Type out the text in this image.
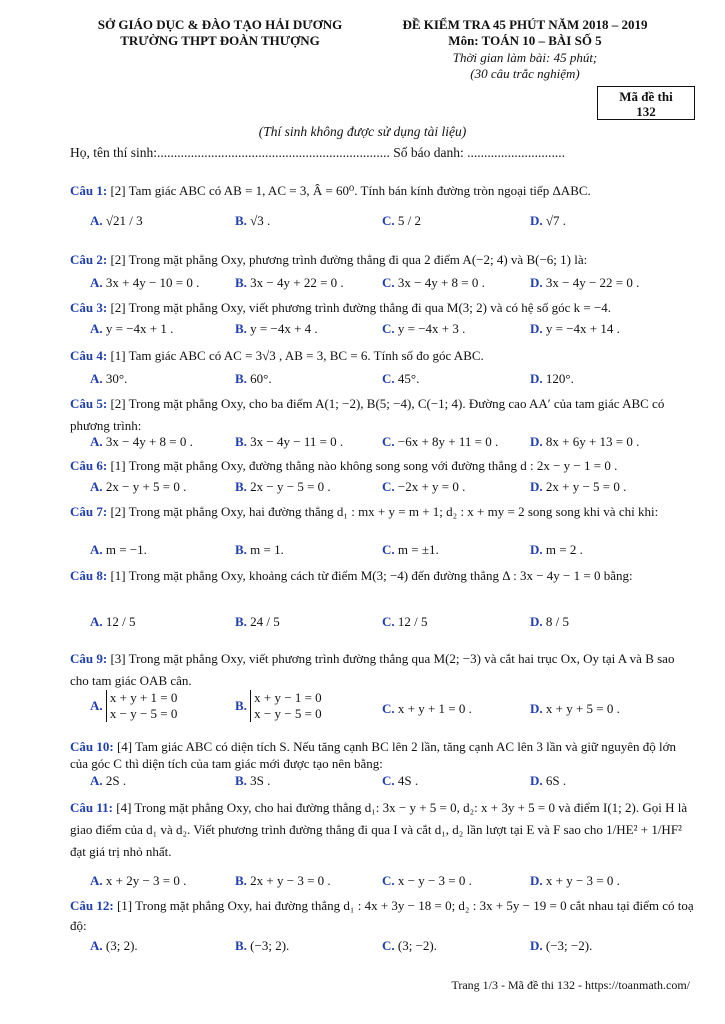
SỞ GIÁO DỤC & ĐÀO TẠO HẢI DƯƠNG
TRƯỜNG THPT ĐOÀN THƯỢNG
ĐỀ KIỂM TRA 45 PHÚT NĂM 2018 – 2019
Môn: TOÁN 10 – BÀI SỐ 5
Thời gian làm bài: 45 phút;
(30 câu trắc nghiệm)
Mã đề thi
132
(Thí sinh không được sử dụng tài liệu)
Họ, tên thí sinh:..................................................................... Số báo danh: .............................
Câu 1: [2] Tam giác ABC có AB = 1, AC = 3, Â = 60⁰. Tính bán kính đường tròn ngoại tiếp ΔABC.
A. √21 / 3	B. √3 .	C. 5 / 2	D. √7 .
Câu 2: [2] Trong mặt phẳng Oxy, phương trình đường thẳng đi qua 2 điểm A(−2; 4) và B(−6; 1) là:
A. 3x + 4y − 10 = 0 .	B. 3x − 4y + 22 = 0 .	C. 3x − 4y + 8 = 0 .	D. 3x − 4y − 22 = 0 .
Câu 3: [2] Trong mặt phẳng Oxy, viết phương trình đường thẳng đi qua M(3; 2) và có hệ số góc k = −4.
A. y = −4x + 1 .	B. y = −4x + 4 .	C. y = −4x + 3 .	D. y = −4x + 14 .
Câu 4: [1] Tam giác ABC có AC = 3√3 , AB = 3, BC = 6. Tính số đo góc ABC.
A. 30°.	B. 60°.	C. 45°.	D. 120°.
Câu 5: [2] Trong mặt phẳng Oxy, cho ba điểm A(1; −2), B(5; −4), C(−1; 4). Đường cao AA′ của tam giác ABC có phương trình:
A. 3x − 4y + 8 = 0 .	B. 3x − 4y − 11 = 0 .	C. −6x + 8y + 11 = 0 . D. 8x + 6y + 13 = 0 .
Câu 6: [1] Trong mặt phẳng Oxy, đường thẳng nào không song song với đường thẳng d : 2x − y − 1 = 0 .
A. 2x − y + 5 = 0 .	B. 2x − y − 5 = 0 .	C. −2x + y = 0 .	D. 2x + y − 5 = 0 .
Câu 7: [2] Trong mặt phẳng Oxy, hai đường thẳng d₁ : mx + y = m + 1; d₂ : x + my = 2 song song khi và chỉ khi:
A. m = −1.	B. m = 1.	C. m = ±1.	D. m = 2 .
Câu 8: [1] Trong mặt phẳng Oxy, khoảng cách từ điểm M(3; −4) đến đường thẳng Δ : 3x − 4y − 1 = 0 bằng:
A. 12 / 5	B. 24 / 5	C. 12 / 5	D. 8 / 5
Câu 9: [3] Trong mặt phẳng Oxy, viết phương trình đường thẳng qua M(2; −3) và cắt hai trục Ox, Oy tại A và B sao cho tam giác OAB cân.
A.
x + y + 1 = 0
x − y − 5 = 0
B.
x + y − 1 = 0
x − y − 5 = 0	C. x + y + 1 = 0 .	D. x + y + 5 = 0 .
Câu 10: [4] Tam giác ABC có diện tích S. Nếu tăng cạnh BC lên 2 lần, tăng cạnh AC lên 3 lần và giữ nguyên độ lớn của góc C thì diện tích của tam giác mới được tạo nên bằng:
A. 2S .	B. 3S .	C. 4S .	D. 6S .
Câu 11: [4] Trong mặt phẳng Oxy, cho hai đường thẳng d₁: 3x − y + 5 = 0, d₂: x + 3y + 5 = 0 và điểm I(1; 2). Gọi H là giao điểm của d₁ và d₂. Viết phương trình đường thẳng đi qua I và cắt d₁, d₂ lần lượt tại E và F sao cho 1/HE² + 1/HF² đạt giá trị nhỏ nhất.
A. x + 2y − 3 = 0 .	B. 2x + y − 3 = 0 .	C. x − y − 3 = 0 .	D. x + y − 3 = 0 .
Câu 12: [1] Trong mặt phẳng Oxy, hai đường thẳng d₁ : 4x + 3y − 18 = 0; d₂ : 3x + 5y − 19 = 0 cắt nhau tại điểm có toạ độ:
A. (3; 2).	B. (−3; 2).	C. (3; −2).	D. (−3; −2).
Trang 1/3 - Mã đề thi 132 - https://toanmath.com/
